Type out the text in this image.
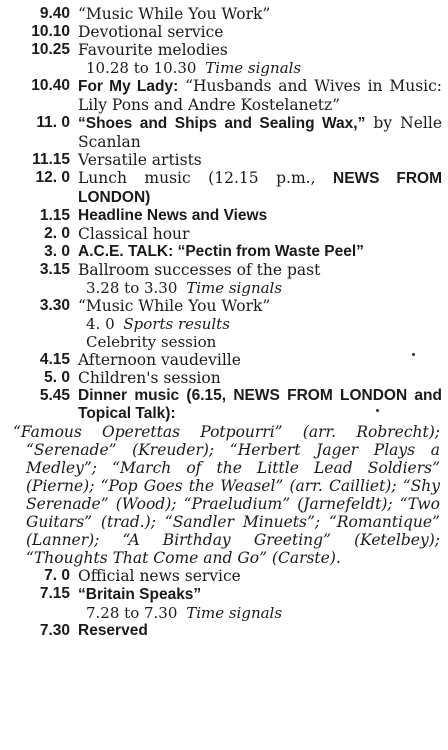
9.40 “Music While You Work”
10.10 Devotional service
10.25 Favourite melodies
10.28 to 10.30 Time signals
10.40 For My Lady: “Husbands and Wives in Music: Lily Pons and Andre Kostelanetz”
11. 0 “Shoes and Ships and Sealing Wax,” by Nelle Scanlan
11.15 Versatile artists
12. 0 Lunch music (12.15 p.m., NEWS FROM LONDON)
1.15 Headline News and Views
2. 0 Classical hour
3. 0 A.C.E. TALK: “Pectin from Waste Peel”
3.15 Ballroom successes of the past
3.28 to 3.30 Time signals
3.30 “Music While You Work”
4. 0 Sports results
Celebrity session
4.15 Afternoon vaudeville
5. 0 Children's session
5.45 Dinner music (6.15, NEWS FROM LONDON and Topical Talk):
“Famous Operettas Potpourri” (arr. Robrecht); “Serenade” (Kreuder); “Herbert Jager Plays a Medley”; “March of the Little Lead Soldiers” (Pierne); “Pop Goes the Weasel” (arr. Cailliet); “Shy Serenade” (Wood); “Praeludium” (Jarnefeldt); “Two Guitars” (trad.); “Sandler Minuets”; “Romantique” (Lanner); “A Birthday Greeting” (Ketelbey); “Thoughts That Come and Go” (Carste).
7. 0 Official news service
7.15 “Britain Speaks”
7.28 to 7.30 Time signals
7.30 Reserved
